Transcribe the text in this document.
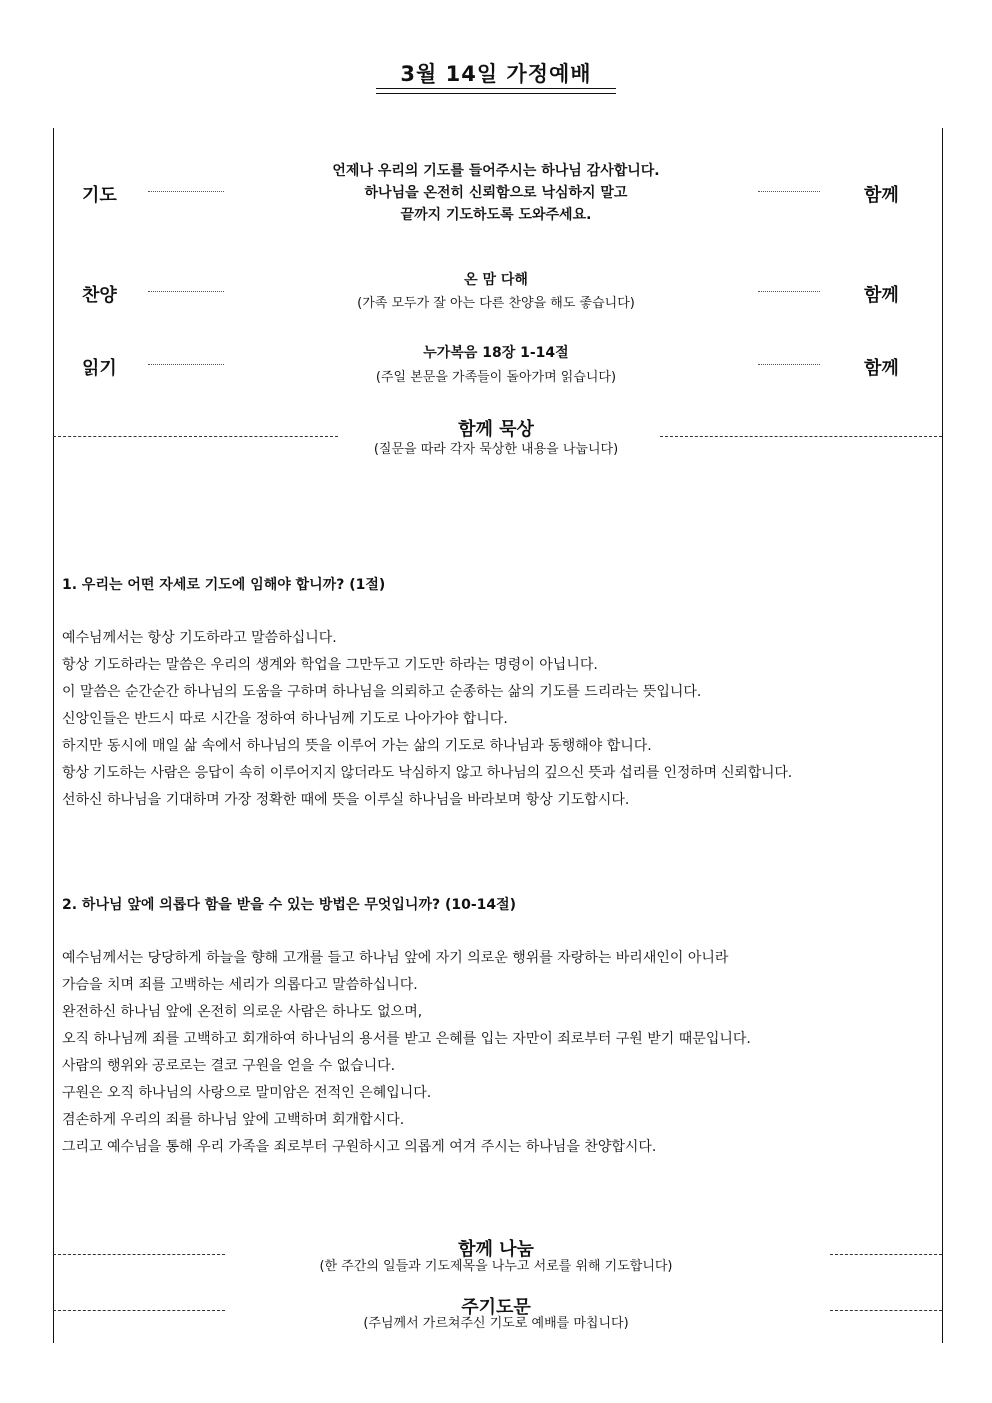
3월 14일 가정예배
기도
언제나 우리의 기도를 들어주시는 하나님 감사합니다.
하나님을 온전히 신뢰함으로 낙심하지 말고
끝까지 기도하도록 도와주세요.
함께
찬양
온 맘 다해
(가족 모두가 잘 아는 다른 찬양을 해도 좋습니다)	함께
읽기
누가복음 18장 1-14절
(주일 본문을 가족들이 돌아가며 읽습니다)	함께
함께 묵상
(질문을 따라 각자 묵상한 내용을 나눕니다)
1. 우리는 어떤 자세로 기도에 임해야 합니까? (1절)
예수님께서는 항상 기도하라고 말씀하십니다.
항상 기도하라는 말씀은 우리의 생계와 학업을 그만두고 기도만 하라는 명령이 아닙니다.
이 말씀은 순간순간 하나님의 도움을 구하며 하나님을 의뢰하고 순종하는 삶의 기도를 드리라는 뜻입니다.
신앙인들은 반드시 따로 시간을 정하여 하나님께 기도로 나아가야 합니다.
하지만 동시에 매일 삶 속에서 하나님의 뜻을 이루어 가는 삶의 기도로 하나님과 동행해야 합니다.
항상 기도하는 사람은 응답이 속히 이루어지지 않더라도 낙심하지 않고 하나님의 깊으신 뜻과 섭리를 인정하며 신뢰합니다.
선하신 하나님을 기대하며 가장 정확한 때에 뜻을 이루실 하나님을 바라보며 항상 기도합시다.
2. 하나님 앞에 의롭다 함을 받을 수 있는 방법은 무엇입니까? (10-14절)
예수님께서는 당당하게 하늘을 향해 고개를 들고 하나님 앞에 자기 의로운 행위를 자랑하는 바리새인이 아니라
가슴을 치며 죄를 고백하는 세리가 의롭다고 말씀하십니다.
완전하신 하나님 앞에 온전히 의로운 사람은 하나도 없으며,
오직 하나님께 죄를 고백하고 회개하여 하나님의 용서를 받고 은혜를 입는 자만이 죄로부터 구원 받기 때문입니다.
사람의 행위와 공로로는 결코 구원을 얻을 수 없습니다.
구원은 오직 하나님의 사랑으로 말미암은 전적인 은혜입니다.
겸손하게 우리의 죄를 하나님 앞에 고백하며 회개합시다.
그리고 예수님을 통해 우리 가족을 죄로부터 구원하시고 의롭게 여겨 주시는 하나님을 찬양합시다.
함께 나눔
(한 주간의 일들과 기도제목을 나누고 서로를 위해 기도합니다)
주기도문
(주님께서 가르쳐주신 기도로 예배를 마칩니다)
